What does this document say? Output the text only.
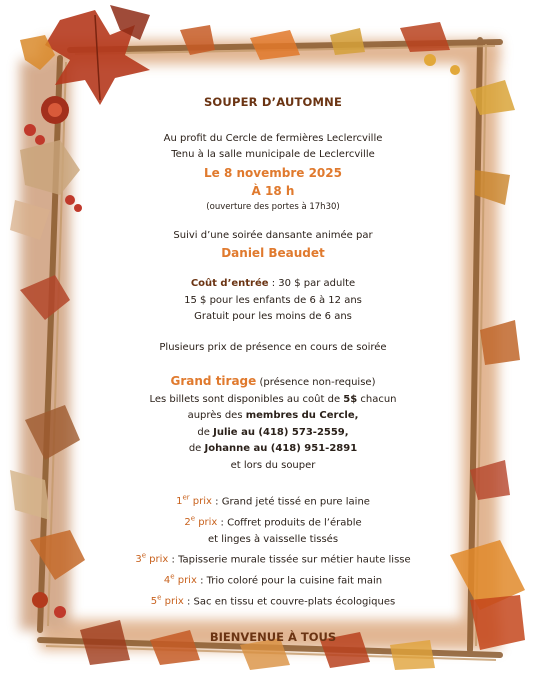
SOUPER D’AUTOMNE
Au profit du Cercle de fermières Leclercville
Tenu à la salle municipale de Leclercville
Le 8 novembre 2025
À 18 h
(ouverture des portes à 17h30)
Suivi d’une soirée dansante animée par
Daniel Beaudet
Coût d’entrée : 30 $ par adulte
15 $ pour les enfants de 6 à 12 ans
Gratuit pour les moins de 6 ans
Plusieurs prix de présence en cours de soirée
Grand tirage (présence non-requise)
Les billets sont disponibles au coût de 5$ chacun
auprès des membres du Cercle,
de Julie au (418) 573-2559,
de Johanne au (418) 951-2891
et lors du souper
1er prix : Grand jeté tissé en pure laine
2e prix : Coffret produits de l’érable
et linges à vaisselle tissés
3e prix : Tapisserie murale tissée sur métier haute lisse
4e prix : Trio coloré pour la cuisine fait main
5e prix : Sac en tissu et couvre-plats écologiques
BIENVENUE À TOUS
